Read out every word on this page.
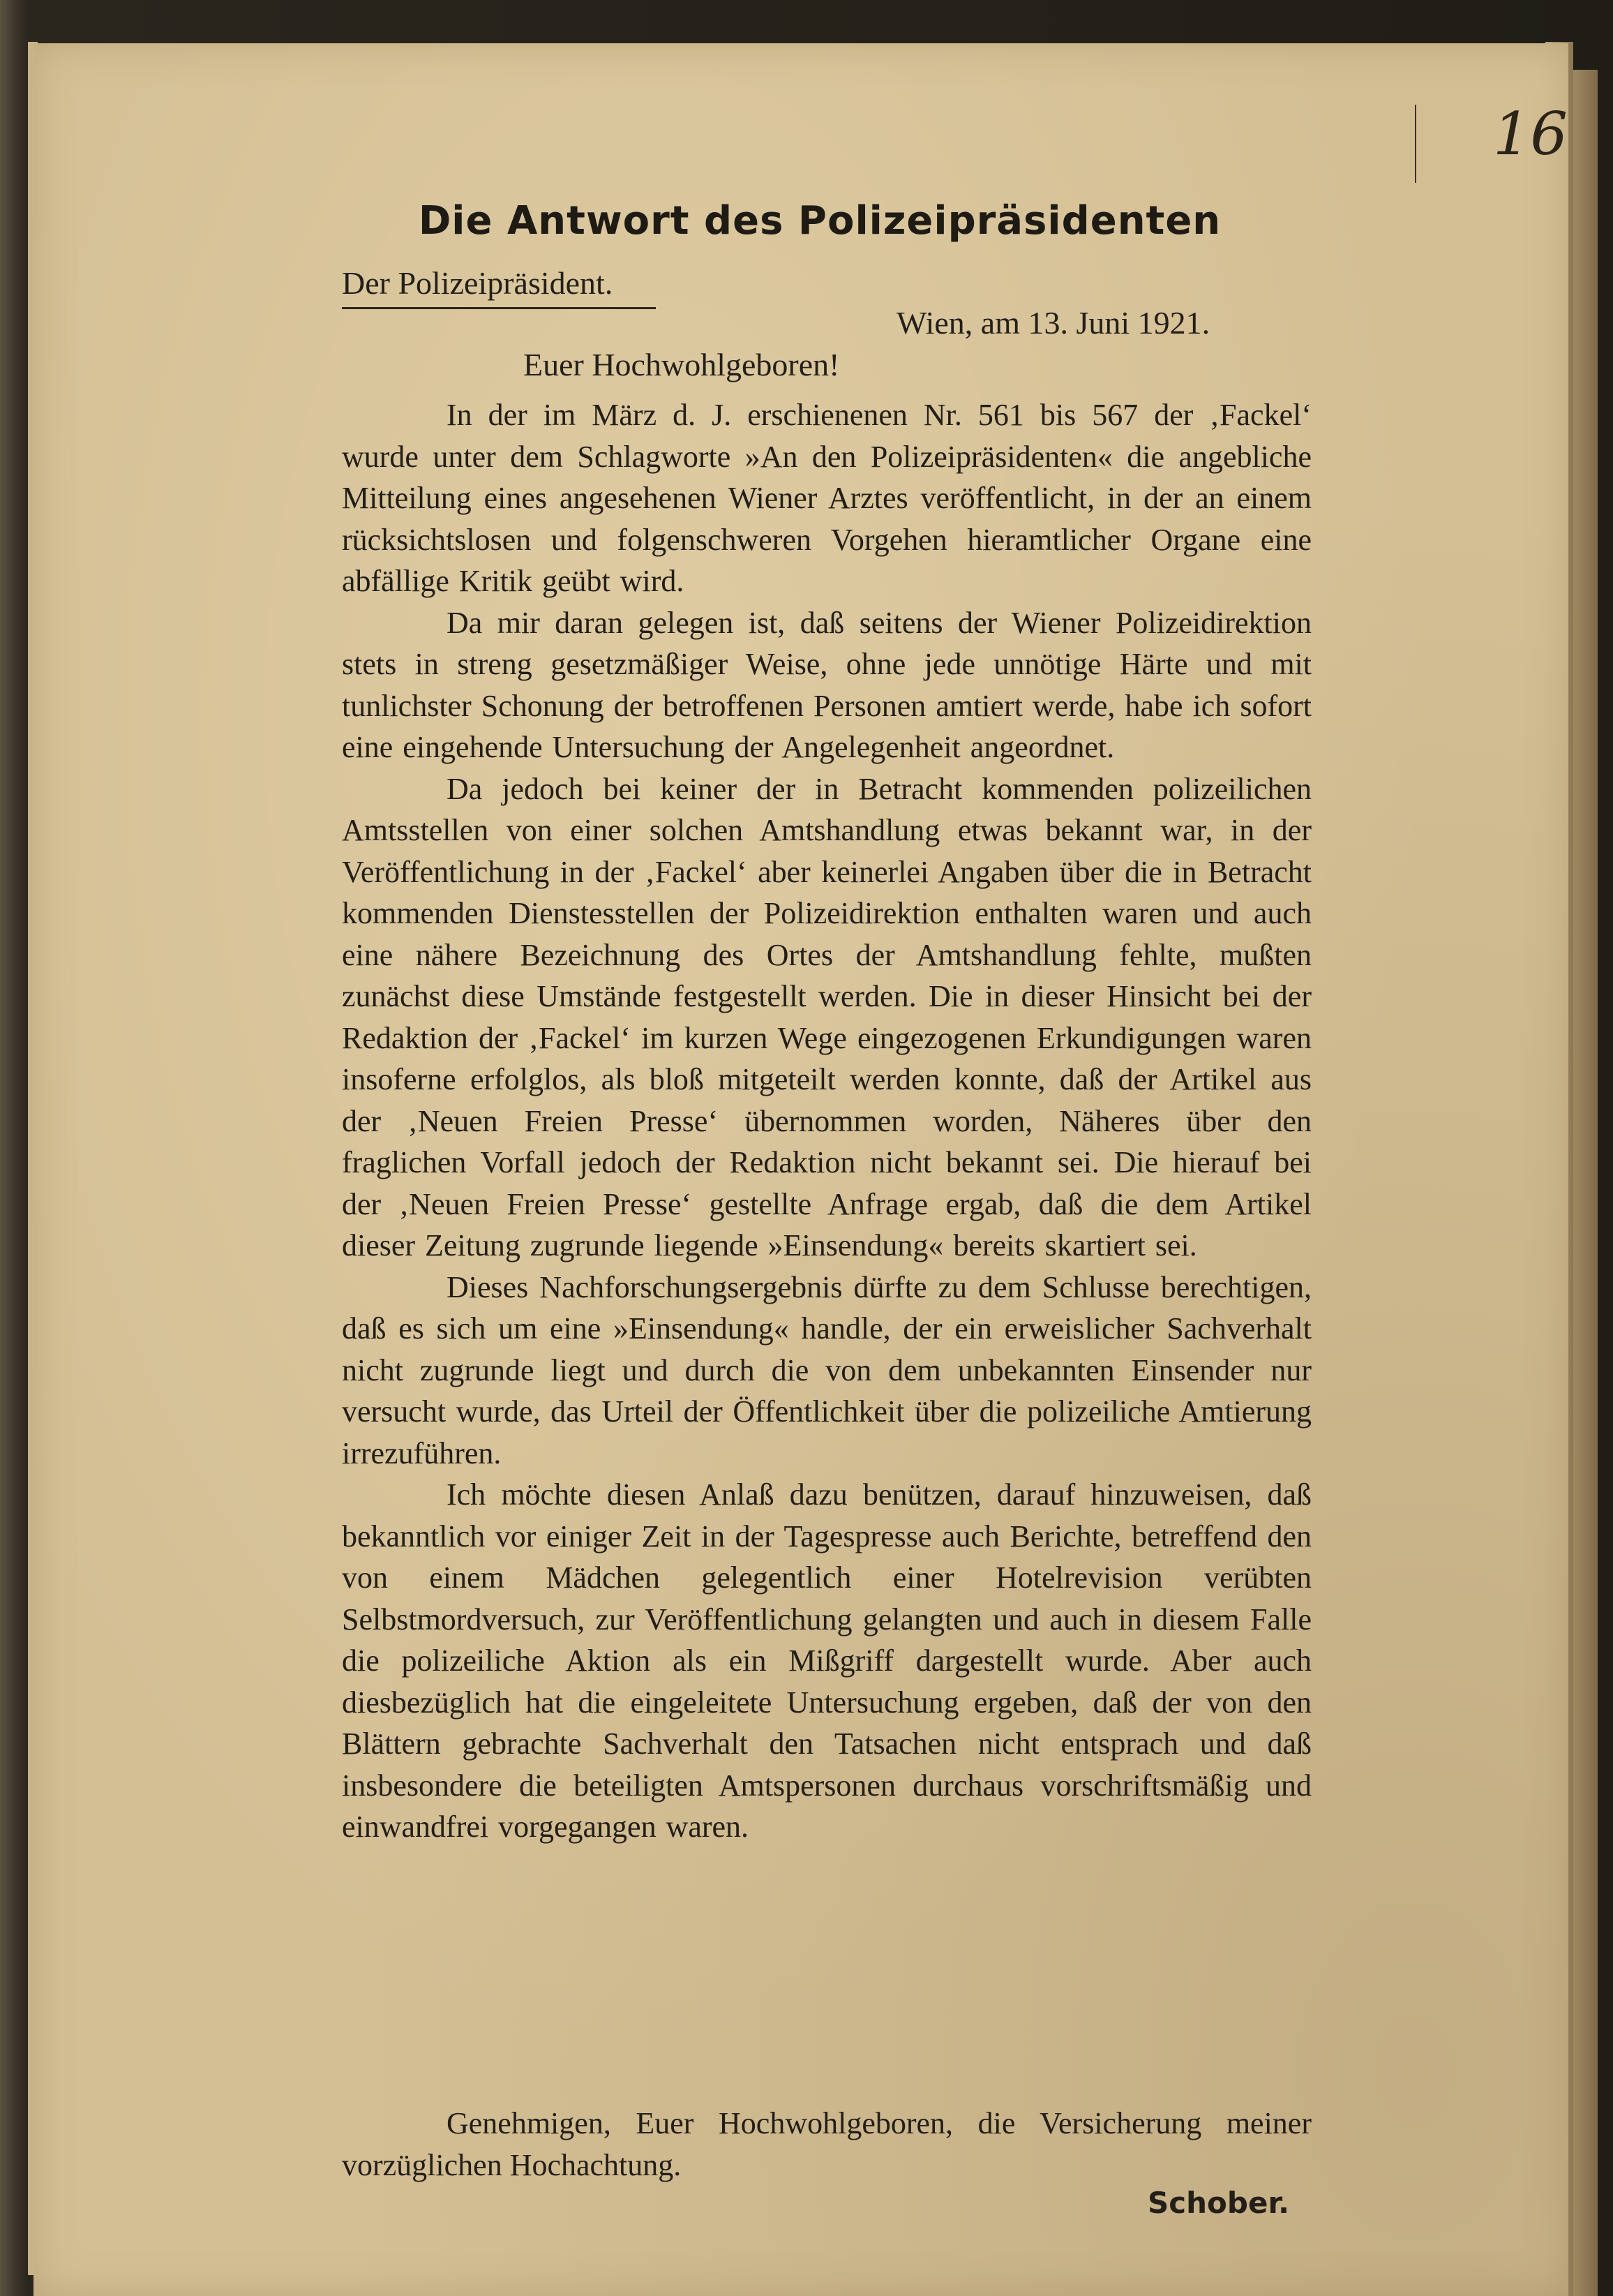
16
Die Antwort des Polizeipräsidenten
Der Polizeipräsident.
Wien, am 13. Juni 1921.
Euer Hochwohlgeboren!

In der im März d. J. erschienenen Nr. 561 bis 567 der ‚Fackel‘ wurde unter dem Schlagworte »An den Polizeipräsidenten« die angebliche Mitteilung eines angesehenen Wiener Arztes veröffentlicht, in der an einem rücksichtslosen und folgenschweren Vorgehen hieramtlicher Organe eine abfällige Kritik geübt wird.

Da mir daran gelegen ist, daß seitens der Wiener Polizeidirektion stets in streng gesetzmäßiger Weise, ohne jede unnötige Härte und mit tunlichster Schonung der betroffenen Personen amtiert werde, habe ich sofort eine eingehende Untersuchung der Angelegenheit angeordnet.

Da jedoch bei keiner der in Betracht kommenden polizeilichen Amtsstellen von einer solchen Amtshandlung etwas bekannt war, in der Veröffentlichung in der ‚Fackel‘ aber keinerlei Angaben über die in Betracht kommenden Dienstesstellen der Polizeidirektion enthalten waren und auch eine nähere Bezeichnung des Ortes der Amtshandlung fehlte, mußten zunächst diese Umstände festgestellt werden. Die in dieser Hinsicht bei der Redaktion der ‚Fackel‘ im kurzen Wege eingezogenen Erkundigungen waren insoferne erfolglos, als bloß mitgeteilt werden konnte, daß der Artikel aus der ‚Neuen Freien Presse‘ übernommen worden, Näheres über den fraglichen Vorfall jedoch der Redaktion nicht bekannt sei. Die hierauf bei der ‚Neuen Freien Presse‘ gestellte Anfrage ergab, daß die dem Artikel dieser Zeitung zugrunde liegende »Einsendung« bereits skartiert sei.

Dieses Nachforschungsergebnis dürfte zu dem Schlusse berechtigen, daß es sich um eine »Einsendung« handle, der ein erweislicher Sachverhalt nicht zugrunde liegt und durch die von dem unbekannten Einsender nur versucht wurde, das Urteil der Öffentlichkeit über die polizeiliche Amtierung irrezuführen.

Ich möchte diesen Anlaß dazu benützen, darauf hinzuweisen, daß bekanntlich vor einiger Zeit in der Tagespresse auch Berichte, betreffend den von einem Mädchen gelegentlich einer Hotelrevision verübten Selbstmordversuch, zur Veröffentlichung gelangten und auch in diesem Falle die polizeiliche Aktion als ein Mißgriff dargestellt wurde. Aber auch diesbezüglich hat die eingeleitete Untersuchung ergeben, daß der von den Blättern gebrachte Sachverhalt den Tatsachen nicht entsprach und daß insbesondere die beteiligten Amtspersonen durchaus vorschriftsmäßig und einwandfrei vorgegangen waren.

Genehmigen, Euer Hochwohlgeboren, die Versicherung meiner vorzüglichen Hochachtung.

Schober.
